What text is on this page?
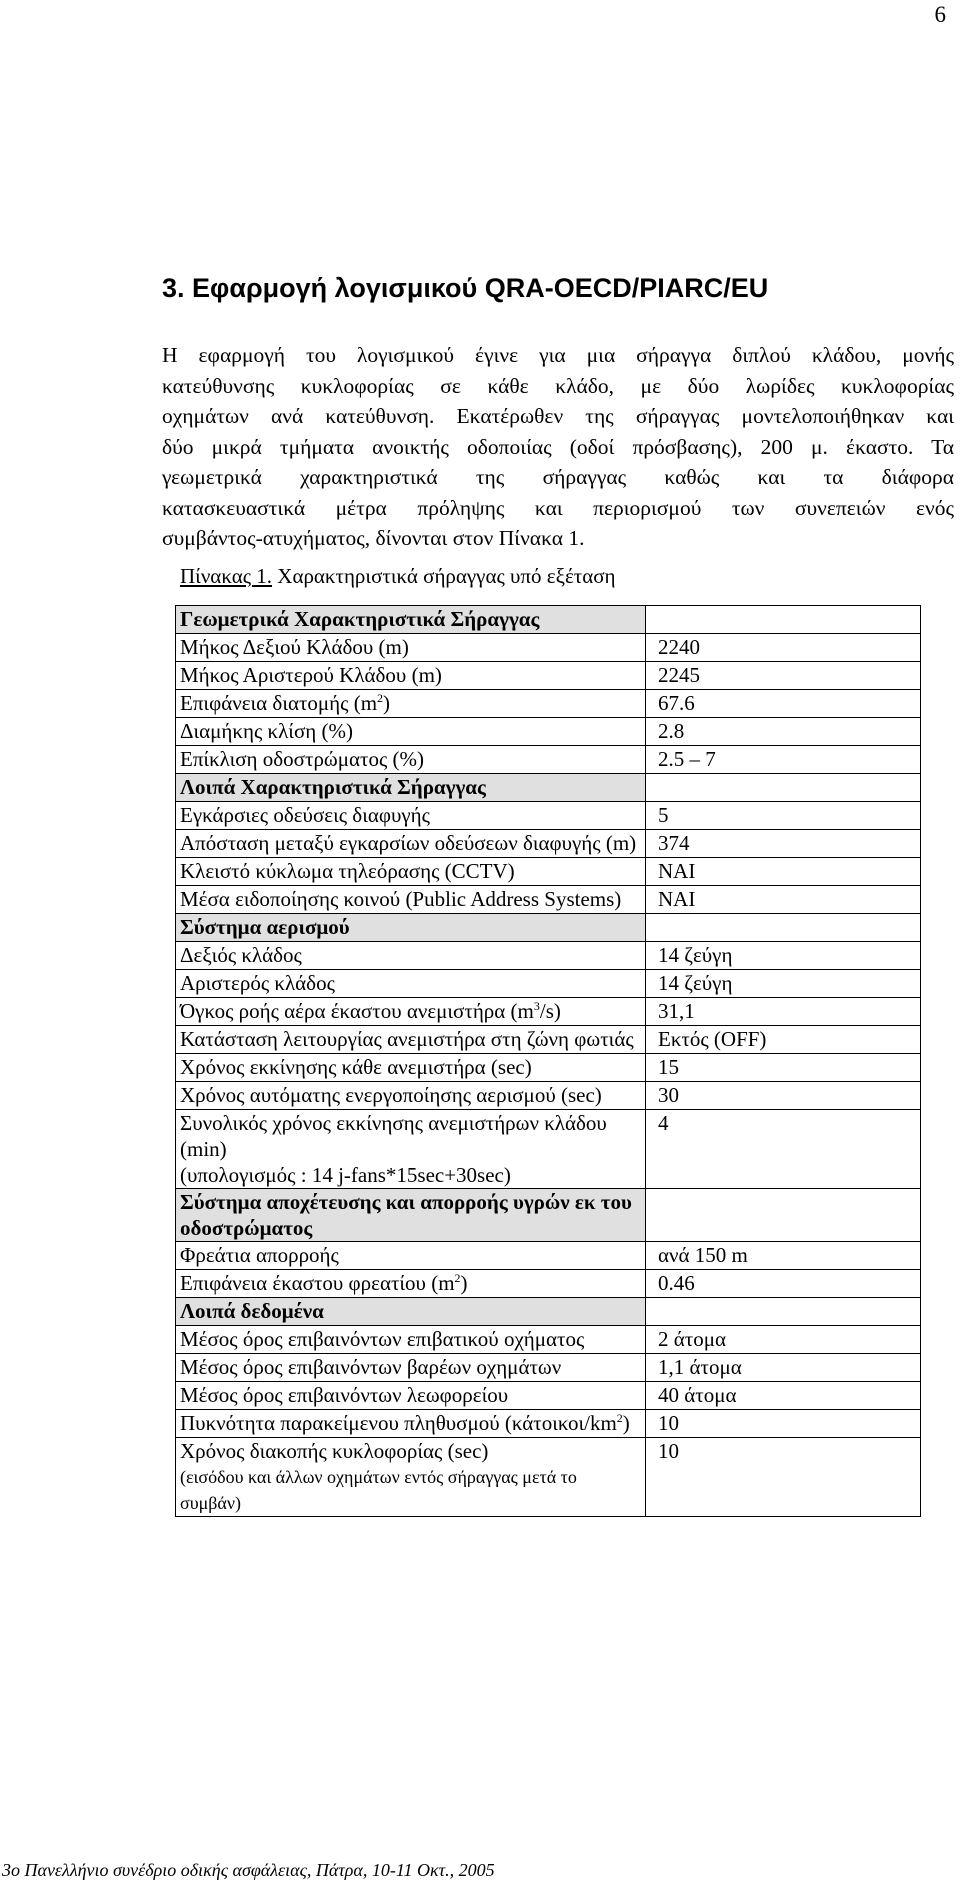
6
3. Εφαρμογή λογισμικού QRA-OECD/PIARC/EU
Η εφαρμογή του λογισμικού έγινε για μια σήραγγα διπλού κλάδου, μονής
κατεύθυνσης κυκλοφορίας σε κάθε κλάδο, με δύο λωρίδες κυκλοφορίας
οχημάτων ανά κατεύθυνση. Εκατέρωθεν της σήραγγας μοντελοποιήθηκαν και
δύο μικρά τμήματα ανοικτής οδοποιίας (οδοί πρόσβασης), 200 μ. έκαστο. Τα
γεωμετρικά χαρακτηριστικά της σήραγγας καθώς και τα διάφορα
κατασκευαστικά μέτρα πρόληψης και περιορισμού των συνεπειών ενός
συμβάντος-ατυχήματος, δίνονται στον Πίνακα 1.

Πίνακας 1. Χαρακτηριστικά σήραγγας υπό εξέταση

Γεωμετρικά Χαρακτηριστικά Σήραγγας	
Μήκος Δεξιού Κλάδου (m)	2240
Μήκος Αριστερού Κλάδου (m)	2245
Επιφάνεια διατομής $(m^2)$	67.6
Διαμήκης κλίση (%)	2.8
Επίκλιση οδοστρώματος (%)	2.5 – 7
Λοιπά Χαρακτηριστικά Σήραγγας	
Εγκάρσιες οδεύσεις διαφυγής	5
Απόσταση μεταξύ εγκαρσίων οδεύσεων διαφυγής (m)	374
Κλειστό κύκλωμα τηλεόρασης (CCTV)	ΝΑΙ
Μέσα ειδοποίησης κοινού (Public Address Systems)	ΝΑΙ
Σύστημα αερισμού	
Δεξιός κλάδος	14 ζεύγη
Αριστερός κλάδος	14 ζεύγη
Όγκος ροής αέρα έκαστου ανεμιστήρα $(m^3/s)$	31,1
Κατάσταση λειτουργίας ανεμιστήρα στη ζώνη φωτιάς	Εκτός (OFF)
Χρόνος εκκίνησης κάθε ανεμιστήρα (sec)	15
Χρόνος αυτόματης ενεργοποίησης αερισμού (sec)	30

Συνολικός χρόνος εκκίνησης ανεμιστήρων κλάδου (min)
(υπολογισμός : 14 j-fans*15sec+30sec)	4

Σύστημα αποχέτευσης και απορροής υγρών εκ του
οδοστρώματος	

Φρεάτια απορροής	ανά 150 m
Επιφάνεια έκαστου φρεατίου $(m^2)$	0.46
Λοιπά δεδομένα	
Μέσος όρος επιβαινόντων επιβατικού οχήματος	2 άτομα
Μέσος όρος επιβαινόντων βαρέων οχημάτων	1,1 άτομα
Μέσος όρος επιβαινόντων λεωφορείου	40 άτομα
Πυκνότητα παρακείμενου πληθυσμού $(\kappa ά\tau o\iota\kappa o\iota/km^2)$	10

Χρόνος διακοπής κυκλοφορίας (sec)
(εισόδου και άλλων οχημάτων εντός σήραγγας μετά το συμβάν)	10
3ο Πανελλήνιο συνέδριο οδικής ασφάλειας, Πάτρα, 10-11 Οκτ., 2005
